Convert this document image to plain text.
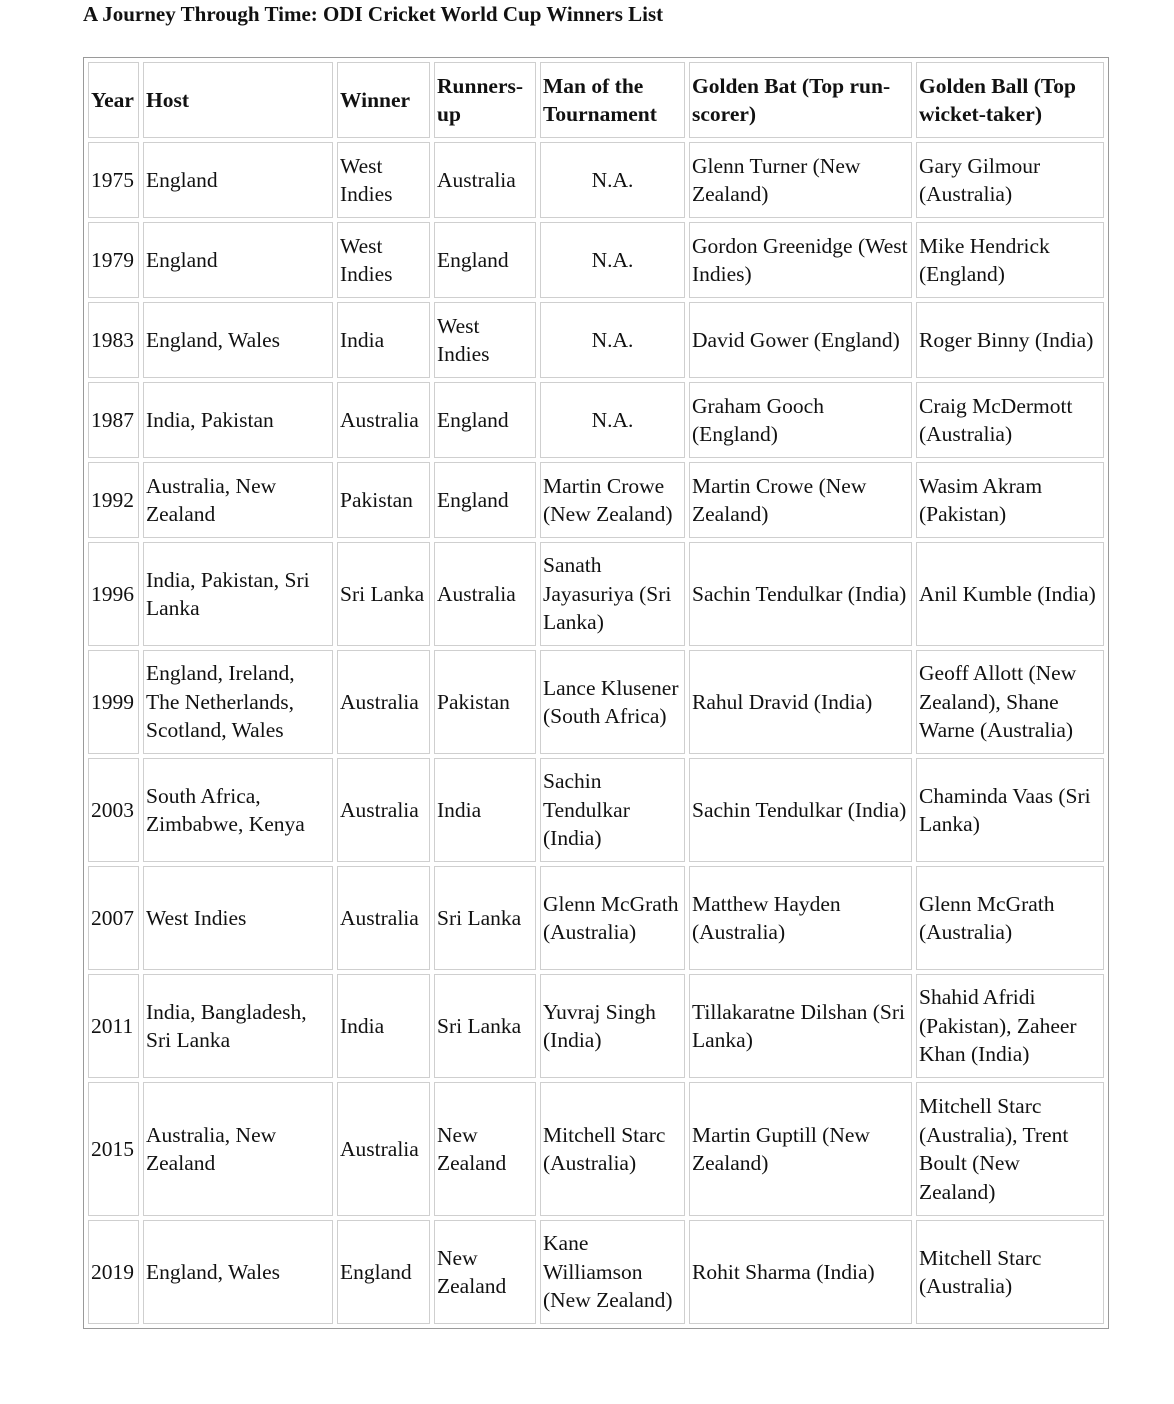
A Journey Through Time: ODI Cricket World Cup Winners List
Year	Host	Winner	Runners-up	Man of the Tournament	Golden Bat (Top run-scorer)	Golden Ball (Top wicket-taker)
1975	England	West Indies	Australia	N.A.	Glenn Turner (New Zealand)	Gary Gilmour (Australia)
1979	England	West Indies	England	N.A.	Gordon Greenidge (West Indies)	Mike Hendrick (England)
1983	England, Wales	India	West Indies	N.A.	David Gower (England)	Roger Binny (India)
1987	India, Pakistan	Australia	England	N.A.	Graham Gooch (England)	Craig McDermott (Australia)
1992	Australia, New Zealand	Pakistan	England	Martin Crowe (New Zealand)	Martin Crowe (New Zealand)	Wasim Akram (Pakistan)
1996	India, Pakistan, Sri Lanka	Sri Lanka	Australia	Sanath Jayasuriya (Sri Lanka)	Sachin Tendulkar (India)	Anil Kumble (India)
1999	England, Ireland, The Netherlands, Scotland, Wales	Australia	Pakistan	Lance Klusener (South Africa)	Rahul Dravid (India)	Geoff Allott (New Zealand), Shane Warne (Australia)
2003	South Africa, Zimbabwe, Kenya	Australia	India	Sachin Tendulkar (India)	Sachin Tendulkar (India)	Chaminda Vaas (Sri Lanka)
2007	West Indies	Australia	Sri Lanka	Glenn McGrath (Australia)	Matthew Hayden (Australia)	Glenn McGrath (Australia)
2011	India, Bangladesh, Sri Lanka	India	Sri Lanka	Yuvraj Singh (India)	Tillakaratne Dilshan (Sri Lanka)	Shahid Afridi (Pakistan), Zaheer Khan (India)
2015	Australia, New Zealand	Australia	New Zealand	Mitchell Starc (Australia)	Martin Guptill (New Zealand)	Mitchell Starc (Australia), Trent Boult (New Zealand)
2019	England, Wales	England	New Zealand	Kane Williamson (New Zealand)	Rohit Sharma (India)	Mitchell Starc (Australia)
